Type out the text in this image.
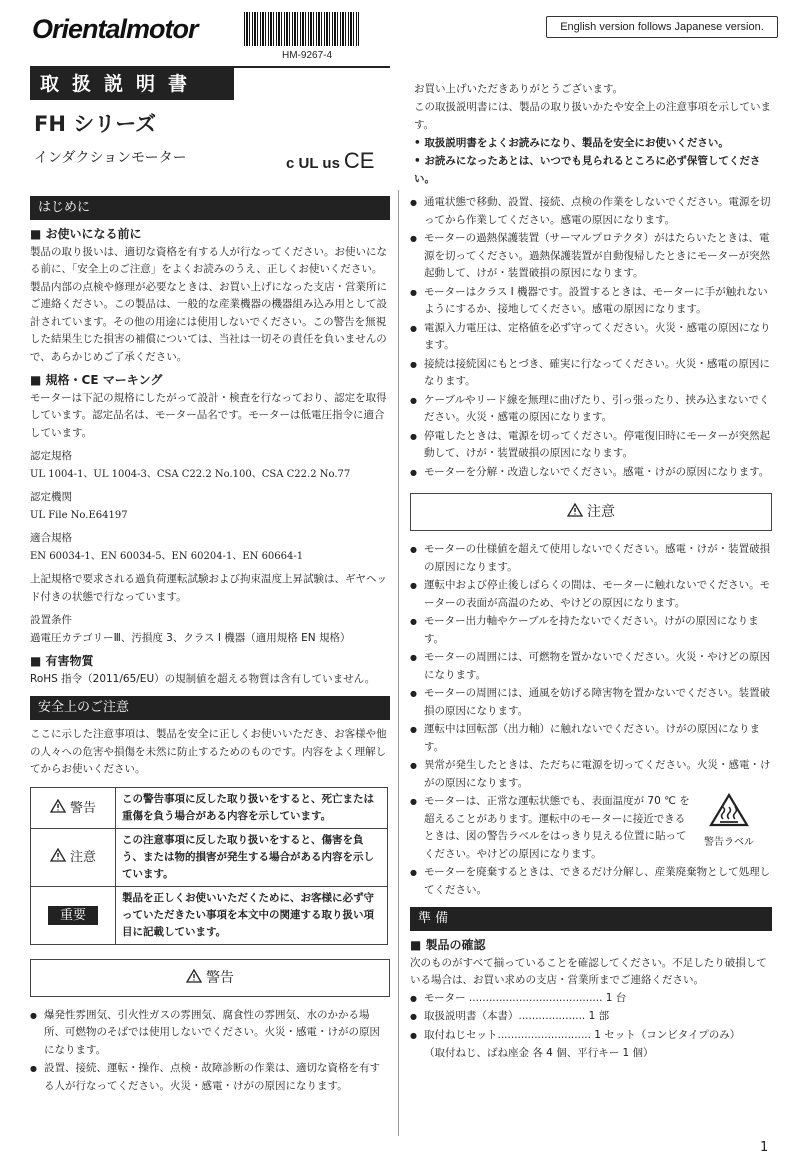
Orientalmotor
HM-9267-4
English version follows Japanese version.
取扱説明書
FH シリーズ
インダクションモーター	c UL us CE

お買い上げいただきありがとうございます。

この取扱説明書には、製品の取り扱いかたや安全上の注意事項を示しています。

• 取扱説明書をよくお読みになり、製品を安全にお使いください。

• お読みになったあとは、いつでも見られるところに必ず保管してください。

はじめに
■ お使いになる前に

製品の取り扱いは、適切な資格を有する人が行なってください。お使いになる前に、「安全上のご注意」をよくお読みのうえ、正しくお使いください。製品内部の点検や修理が必要なときは、お買い上げになった支店・営業所にご連絡ください。この製品は、一般的な産業機器の機器組み込み用として設計されています。その他の用途には使用しないでください。この警告を無視した結果生じた損害の補償については、当社は一切その責任を負いませんので、あらかじめご了承ください。

■ 規格・CE マーキング

モーターは下記の規格にしたがって設計・検査を行なっており、認定を取得しています。認定品名は、モーター品名です。モーターは低電圧指令に適合しています。

認定規格

UL 1004-1、UL 1004-3、CSA C22.2 No.100、CSA C22.2 No.77

認定機関

UL File No.E64197

適合規格

EN 60034-1、EN 60034-5、EN 60204-1、EN 60664-1

上記規格で要求される過負荷運転試験および拘束温度上昇試験は、ギヤヘッド付きの状態で行なっています。

設置条件

過電圧カテゴリーⅢ、汚損度 3、クラス I 機器（適用規格 EN 規格）

■ 有害物質

RoHS 指令（2011/65/EU）の規制値を超える物質は含有していません。

安全上のご注意

ここに示した注意事項は、製品を安全に正しくお使いいただき、お客様や他の人々への危害や損傷を未然に防止するためのものです。内容をよく理解してからお使いください。

警告	この警告事項に反した取り扱いをすると、死亡または重傷を負う場合がある内容を示しています。
注意	この注意事項に反した取り扱いをすると、傷害を負う、または物的損害が発生する場合がある内容を示しています。
重要	製品を正しくお使いいただくために、お客様に必ず守っていただきたい事項を本文中の関連する取り扱い項目に記載しています。
警告
● 爆発性雰囲気、引火性ガスの雰囲気、腐食性の雰囲気、水のかかる場所、可燃物のそばでは使用しないでください。火災・感電・けがの原因になります。
● 設置、接続、運転・操作、点検・故障診断の作業は、適切な資格を有する人が行なってください。火災・感電・けがの原因になります。
● 通電状態で移動、設置、接続、点検の作業をしないでください。電源を切ってから作業してください。感電の原因になります。
● モーターの過熱保護装置（サーマルプロテクタ）がはたらいたときは、電源を切ってください。過熱保護装置が自動復帰したときにモーターが突然起動して、けが・装置破損の原因になります。
● モーターはクラス I 機器です。設置するときは、モーターに手が触れないようにするか、接地してください。感電の原因になります。
● 電源入力電圧は、定格値を必ず守ってください。火災・感電の原因になります。
● 接続は接続図にもとづき、確実に行なってください。火災・感電の原因になります。
● ケーブルやリード線を無理に曲げたり、引っ張ったり、挟み込まないでください。火災・感電の原因になります。
● 停電したときは、電源を切ってください。停電復旧時にモーターが突然起動して、けが・装置破損の原因になります。
● モーターを分解・改造しないでください。感電・けがの原因になります。
注意
● モーターの仕様値を超えて使用しないでください。感電・けが・装置破損の原因になります。
● 運転中および停止後しばらくの間は、モーターに触れないでください。モーターの表面が高温のため、やけどの原因になります。
● モーター出力軸やケーブルを持たないでください。けがの原因になります。
● モーターの周囲には、可燃物を置かないでください。火災・やけどの原因になります。
● モーターの周囲には、通風を妨げる障害物を置かないでください。装置破損の原因になります。
● 運転中は回転部（出力軸）に触れないでください。けがの原因になります。
● 異常が発生したときは、ただちに電源を切ってください。火災・感電・けがの原因になります。
● モーターは、正常な運転状態でも、表面温度が 70 ℃ を超えることがあります。運転中のモーターに接近できるときは、図の警告ラベルをはっきり見える位置に貼ってください。やけどの原因になります。
● モーターを廃棄するときは、できるだけ分解し、産業廃棄物として処理してください。
警告ラベル
準 備
■ 製品の確認

次のものがすべて揃っていることを確認してください。不足したり破損している場合は、お買い求めの支店・営業所までご連絡ください。

● モーター ........................................ 1 台
● 取扱説明書（本書）.................... 1 部
● 取付ねじセット............................ 1 セット（コンビタイプのみ）

（取付ねじ、ばね座金 各 4 個、平行キー 1 個）

1
